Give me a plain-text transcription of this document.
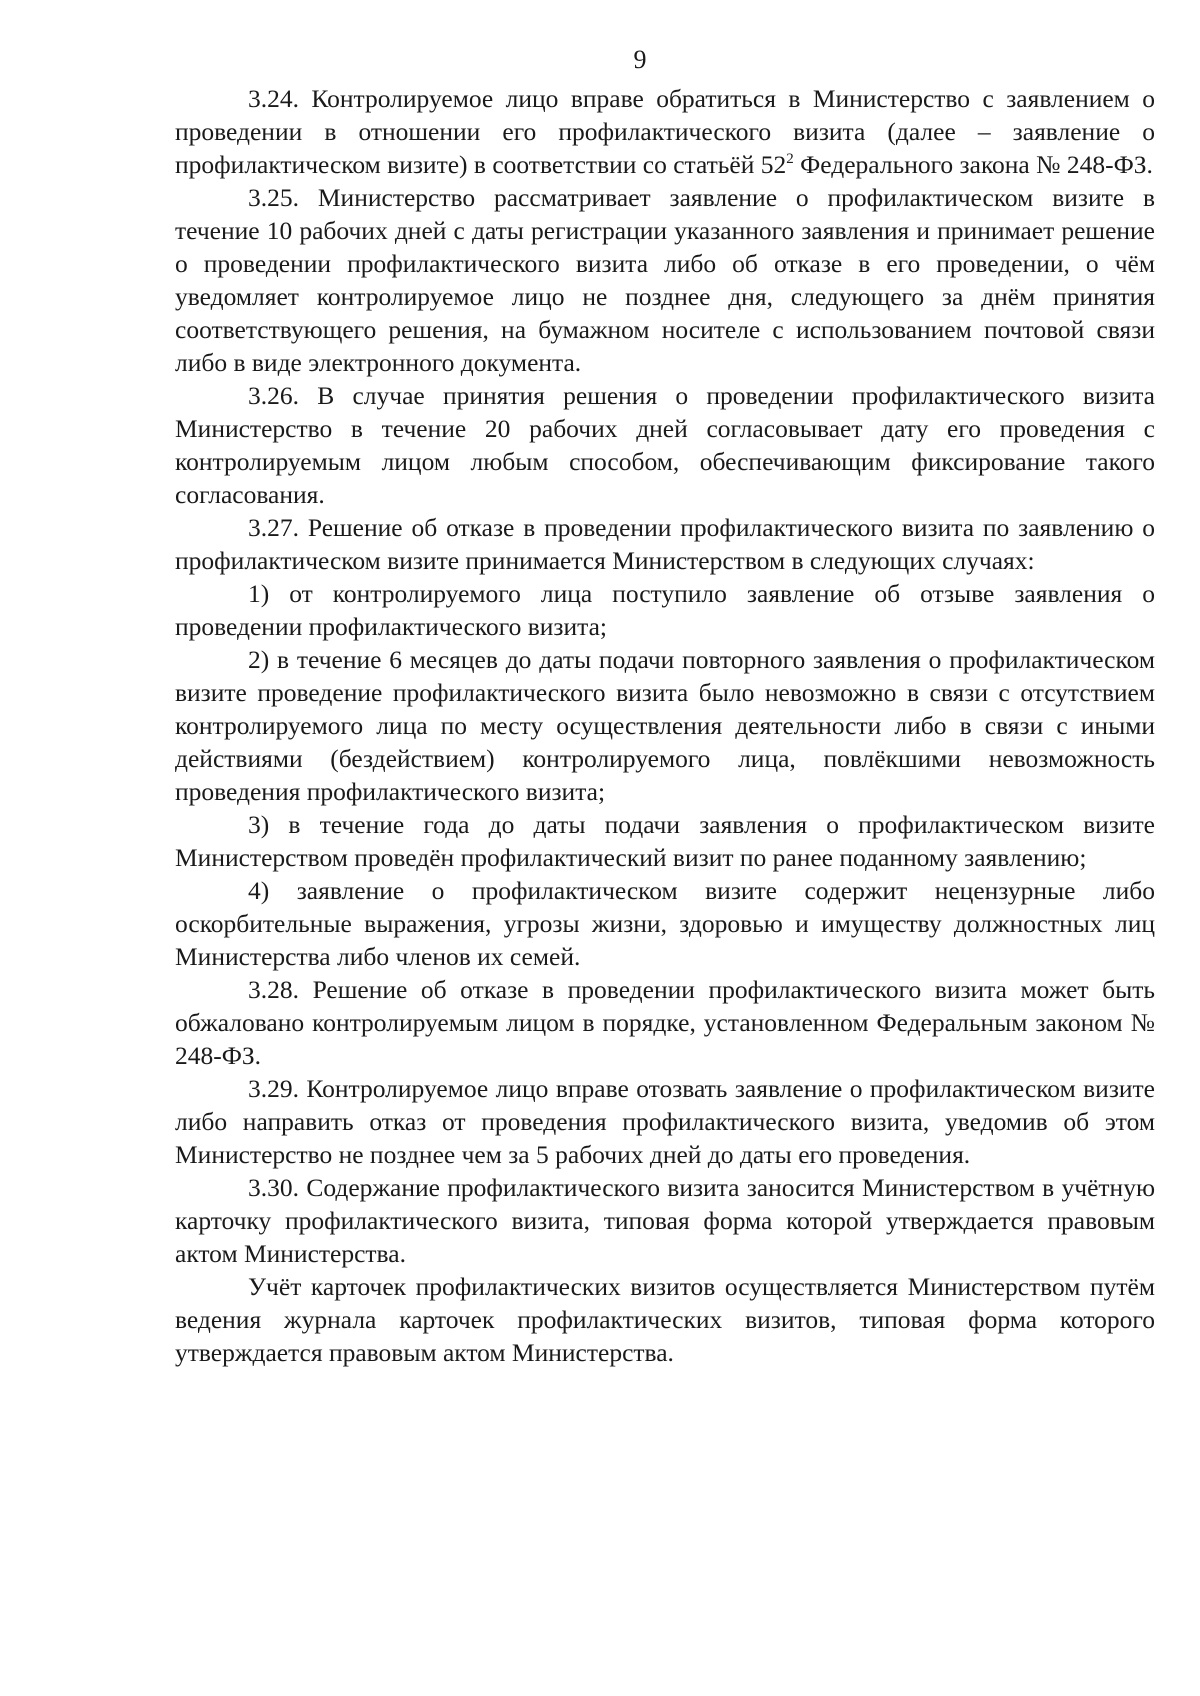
9

3.24. Контролируемое лицо вправе обратиться в Министерство с заявлением о проведении в отношении его профилактического визита (далее – заявление о профилактическом визите) в соответствии со статьёй $52^2$ Федерального закона № 248-ФЗ.

3.25. Министерство рассматривает заявление о профилактическом визите в течение 10 рабочих дней с даты регистрации указанного заявления и принимает решение о проведении профилактического визита либо об отказе в его проведении, о чём уведомляет контролируемое лицо не позднее дня, следующего за днём принятия соответствующего решения, на бумажном носителе с использованием почтовой связи либо в виде электронного документа.

3.26. В случае принятия решения о проведении профилактического визита Министерство в течение 20 рабочих дней согласовывает дату его проведения с контролируемым лицом любым способом, обеспечивающим фиксирование такого согласования.

3.27. Решение об отказе в проведении профилактического визита по заявлению о профилактическом визите принимается Министерством в следующих случаях:

1) от контролируемого лица поступило заявление об отзыве заявления о проведении профилактического визита;

2) в течение 6 месяцев до даты подачи повторного заявления о профилактическом визите проведение профилактического визита было невозможно в связи с отсутствием контролируемого лица по месту осуществления деятельности либо в связи с иными действиями (бездействием) контролируемого лица, повлёкшими невозможность проведения профилактического визита;

3) в течение года до даты подачи заявления о профилактическом визите Министерством проведён профилактический визит по ранее поданному заявлению;

4) заявление о профилактическом визите содержит нецензурные либо оскорбительные выражения, угрозы жизни, здоровью и имуществу должностных лиц Министерства либо членов их семей.

3.28. Решение об отказе в проведении профилактического визита может быть обжаловано контролируемым лицом в порядке, установленном Федеральным законом № 248-ФЗ.

3.29. Контролируемое лицо вправе отозвать заявление о профилактическом визите либо направить отказ от проведения профилактического визита, уведомив об этом Министерство не позднее чем за 5 рабочих дней до даты его проведения.

3.30. Содержание профилактического визита заносится Министерством в учётную карточку профилактического визита, типовая форма которой утверждается правовым актом Министерства.

Учёт карточек профилактических визитов осуществляется Министерством путём ведения журнала карточек профилактических визитов, типовая форма которого утверждается правовым актом Министерства.
